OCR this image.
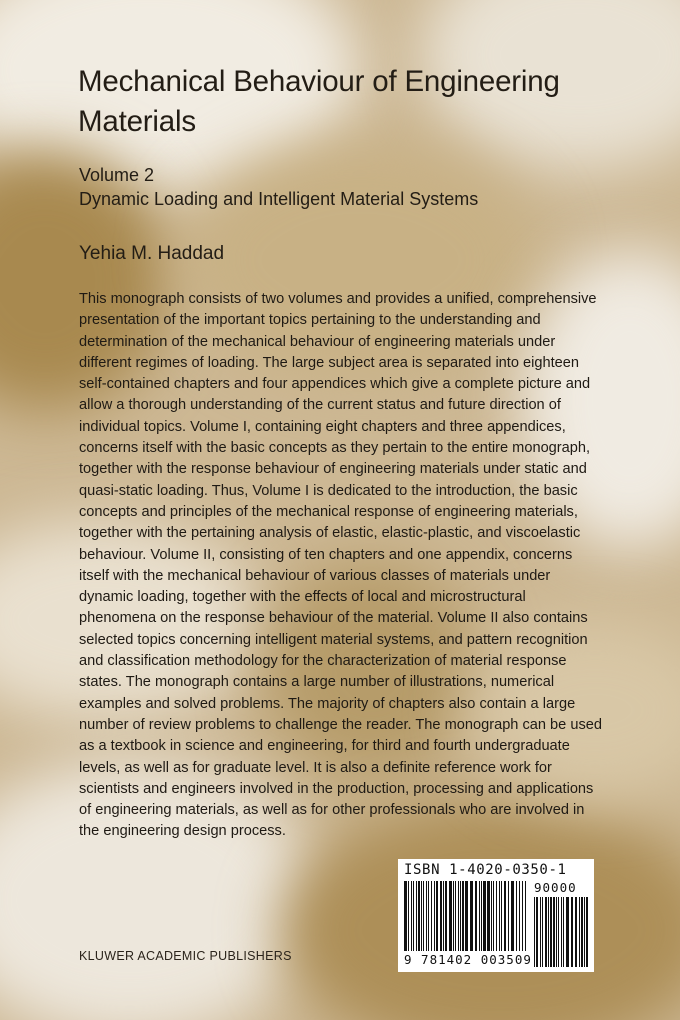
Mechanical Behaviour of Engineering Materials
Volume 2
Dynamic Loading and Intelligent Material Systems
Yehia M. Haddad
This monograph consists of two volumes and provides a unified, comprehensive presentation of the important topics pertaining to the understanding and determination of the mechanical behaviour of engineering materials under different regimes of loading. The large subject area is separated into eighteen self-contained chapters and four appendices which give a complete picture and allow a thorough understanding of the current status and future direction of individual topics. Volume I, containing eight chapters and three appendices, concerns itself with the basic concepts as they pertain to the entire monograph, together with the response behaviour of engineering materials under static and quasi-static loading. Thus, Volume I is dedicated to the introduction, the basic concepts and principles of the mechanical response of engineering materials, together with the pertaining analysis of elastic, elastic-plastic, and viscoelastic behaviour. Volume II, consisting of ten chapters and one appendix, concerns itself with the mechanical behaviour of various classes of materials under dynamic loading, together with the effects of local and microstructural phenomena on the response behaviour of the material. Volume II also contains selected topics concerning intelligent material systems, and pattern recognition and classification methodology for the characterization of material response states. The monograph contains a large number of illustrations, numerical examples and solved problems. The majority of chapters also contain a large number of review problems to challenge the reader. The monograph can be used as a textbook in science and engineering, for third and fourth undergraduate levels, as well as for graduate level. It is also a definite reference work for scientists and engineers involved in the production, processing and applications of engineering materials, as well as for other professionals who are involved in the engineering design process.
KLUWER ACADEMIC PUBLISHERS
ISBN 1-4020-0350-1
90000
9 781402 003509
